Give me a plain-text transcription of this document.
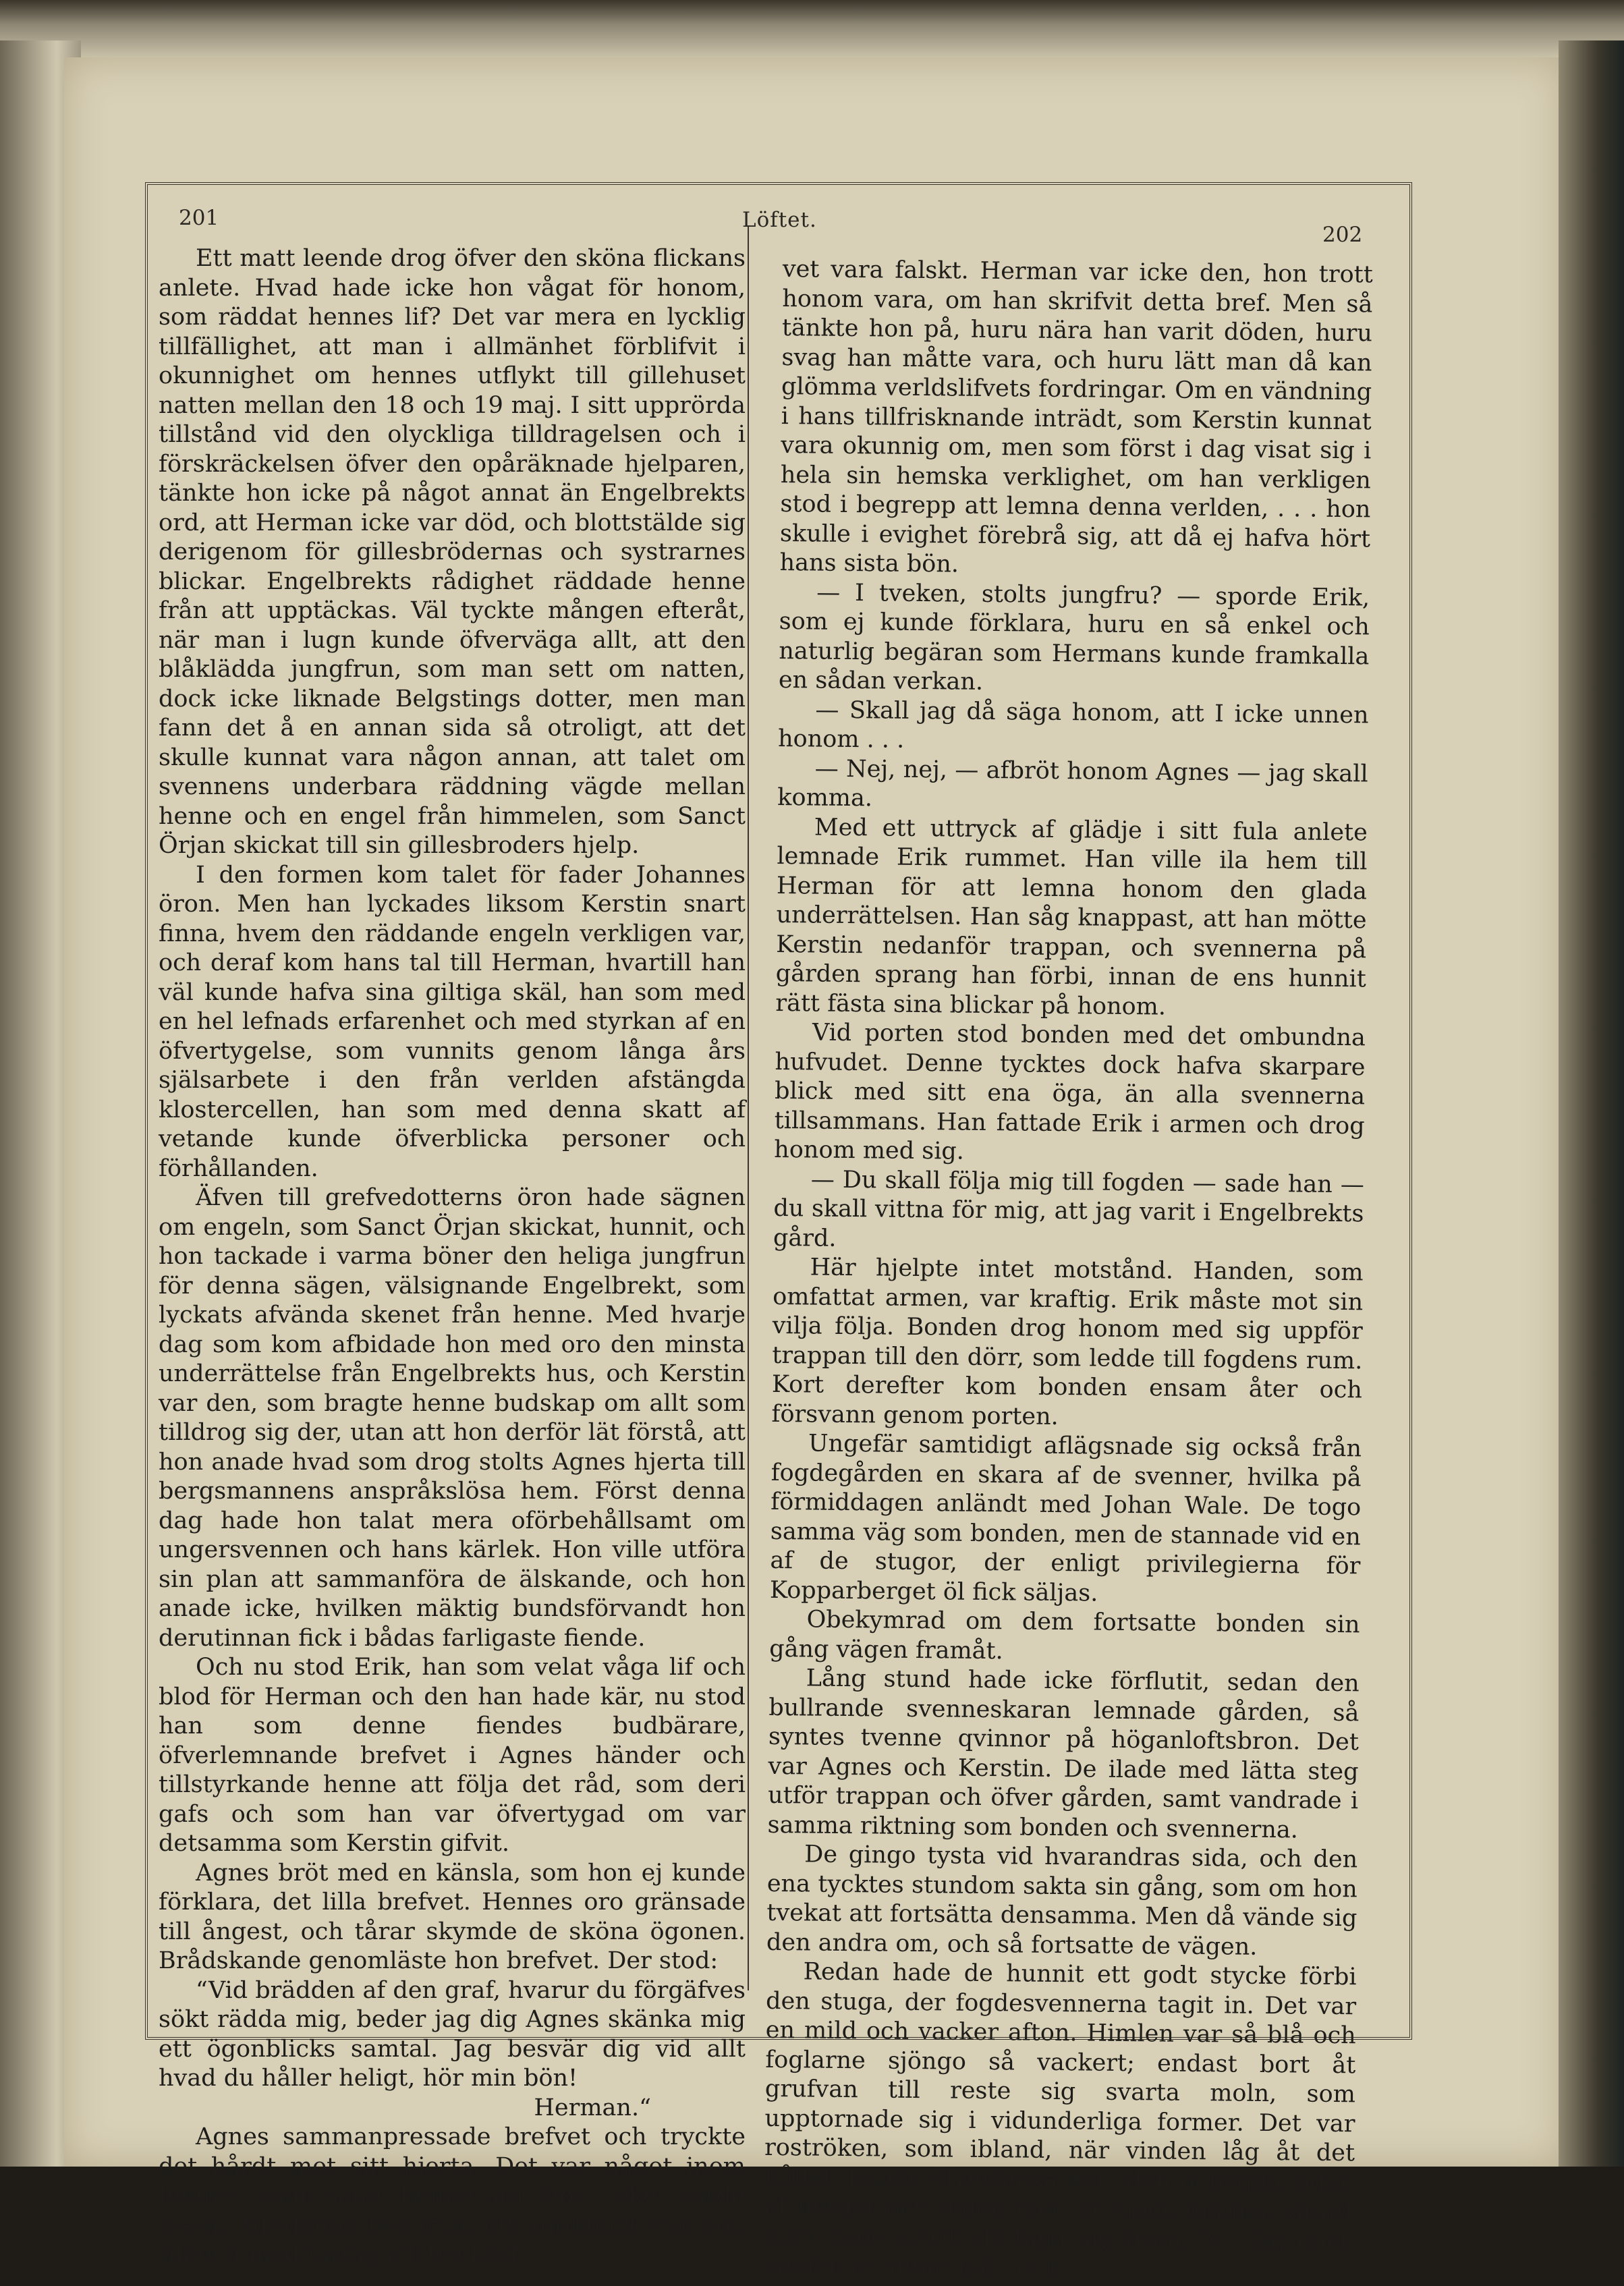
201	Löftet.
202

Ett matt leende drog öfver den sköna flickans anlete. Hvad hade icke hon vågat för honom, som räddat hennes lif? Det var mera en lycklig tillfällighet, att man i allmänhet förblifvit i okunnighet om hennes utflykt till gillehuset natten mellan den 18 och 19 maj. I sitt upprörda tillstånd vid den olyckliga tilldragelsen och i förskräckelsen öfver den opåräknade hjelparen, tänkte hon icke på något annat än Engelbrekts ord, att Herman icke var död, och blottstälde sig derigenom för gillesbrödernas och systrarnes blickar. Engelbrekts rådighet räddade henne från att upptäckas. Väl tyckte mången efteråt, när man i lugn kunde öfverväga allt, att den blåklädda jungfrun, som man sett om natten, dock icke liknade Belgstings dotter, men man fann det å en annan sida så otroligt, att det skulle kunnat vara någon annan, att talet om svennens underbara räddning vägde mellan henne och en engel från himmelen, som Sanct Örjan skickat till sin gillesbroders hjelp.

I den formen kom talet för fader Johannes öron. Men han lyckades liksom Kerstin snart finna, hvem den räddande engeln verkligen var, och deraf kom hans tal till Herman, hvartill han väl kunde hafva sina giltiga skäl, han som med en hel lefnads erfarenhet och med styrkan af en öfvertygelse, som vunnits genom långa års själsarbete i den från verlden afstängda klostercellen, han som med denna skatt af vetande kunde öfverblicka personer och förhållanden.

Äfven till grefvedotterns öron hade sägnen om engeln, som Sanct Örjan skickat, hunnit, och hon tackade i varma böner den heliga jungfrun för denna sägen, välsignande Engelbrekt, som lyckats afvända skenet från henne. Med hvarje dag som kom afbidade hon med oro den minsta underrättelse från Engelbrekts hus, och Kerstin var den, som bragte henne budskap om allt som tilldrog sig der, utan att hon derför lät förstå, att hon anade hvad som drog stolts Agnes hjerta till bergsmannens anspråkslösa hem. Först denna dag hade hon talat mera oförbehållsamt om ungersvennen och hans kärlek. Hon ville utföra sin plan att sammanföra de älskande, och hon anade icke, hvilken mäktig bundsförvandt hon derutinnan fick i bådas farligaste fiende.

Och nu stod Erik, han som velat våga lif och blod för Herman och den han hade kär, nu stod han som denne fiendes budbärare, öfverlemnande brefvet i Agnes händer och tillstyrkande henne att följa det råd, som deri gafs och som han var öfvertygad om var detsamma som Kerstin gifvit.

Agnes bröt med en känsla, som hon ej kunde förklara, det lilla brefvet. Hennes oro gränsade till ångest, och tårar skymde de sköna ögonen. Brådskande genomläste hon brefvet. Der stod:

“Vid brädden af den graf, hvarur du förgäfves sökt rädda mig, beder jag dig Agnes skänka mig ett ögonblicks samtal. Jag besvär dig vid allt hvad du håller heligt, hör min bön!

Herman.“

Agnes sammanpressade brefvet och tryckte det hårdt mot sitt hjerta. Det var något inom henne, som sade henne att hon icke borde lyssna till denna begäran, ett ögonblick var hon till och med färdig att tro bref-

vet vara falskt. Herman var icke den, hon trott honom vara, om han skrifvit detta bref. Men så tänkte hon på, huru nära han varit döden, huru svag han måtte vara, och huru lätt man då kan glömma verldslifvets fordringar. Om en vändning i hans tillfrisknande inträdt, som Kerstin kunnat vara okunnig om, men som först i dag visat sig i hela sin hemska verklighet, om han verkligen stod i begrepp att lemna denna verlden, . . . hon skulle i evighet förebrå sig, att då ej hafva hört hans sista bön.

— I tveken, stolts jungfru? — sporde Erik, som ej kunde förklara, huru en så enkel och naturlig begäran som Hermans kunde framkalla en sådan verkan.

— Skall jag då säga honom, att I icke unnen honom . . .

— Nej, nej, — afbröt honom Agnes — jag skall komma.

Med ett uttryck af glädje i sitt fula anlete lemnade Erik rummet. Han ville ila hem till Herman för att lemna honom den glada underrättelsen. Han såg knappast, att han mötte Kerstin nedanför trappan, och svennerna på gården sprang han förbi, innan de ens hunnit rätt fästa sina blickar på honom.

Vid porten stod bonden med det ombundna hufvudet. Denne tycktes dock hafva skarpare blick med sitt ena öga, än alla svennerna tillsammans. Han fattade Erik i armen och drog honom med sig.

— Du skall följa mig till fogden — sade han — du skall vittna för mig, att jag varit i Engelbrekts gård.

Här hjelpte intet motstånd. Handen, som omfattat armen, var kraftig. Erik måste mot sin vilja följa. Bonden drog honom med sig uppför trappan till den dörr, som ledde till fogdens rum. Kort derefter kom bonden ensam åter och försvann genom porten.

Ungefär samtidigt aflägsnade sig också från fogdegården en skara af de svenner, hvilka på förmiddagen anländt med Johan Wale. De togo samma väg som bonden, men de stannade vid en af de stugor, der enligt privilegierna för Kopparberget öl fick säljas.

Obekymrad om dem fortsatte bonden sin gång vägen framåt.

Lång stund hade icke förflutit, sedan den bullrande svenneskaran lemnade gården, så syntes tvenne qvinnor på höganloftsbron. Det var Agnes och Kerstin. De ilade med lätta steg utför trappan och öfver gården, samt vandrade i samma riktning som bonden och svennerna.

De gingo tysta vid hvarandras sida, och den ena tycktes stundom sakta sin gång, som om hon tvekat att fortsätta densamma. Men då vände sig den andra om, och så fortsatte de vägen.

Redan hade de hunnit ett godt stycke förbi den stuga, der fogdesvennerna tagit in. Det var en mild och vacker afton. Himlen var så blå och foglarne sjöngo så vackert; endast bort åt grufvan till reste sig svarta moln, som upptornade sig i vidunderliga former. Det var roströken, som ibland, när vinden låg åt det hållet, kunde öfvertäcka hela den bebygda sidan af berget och dalen med en tjock dimma, så att man hade svårt att taga sig fram. Nu låg dock vinden åt annat håll, och
